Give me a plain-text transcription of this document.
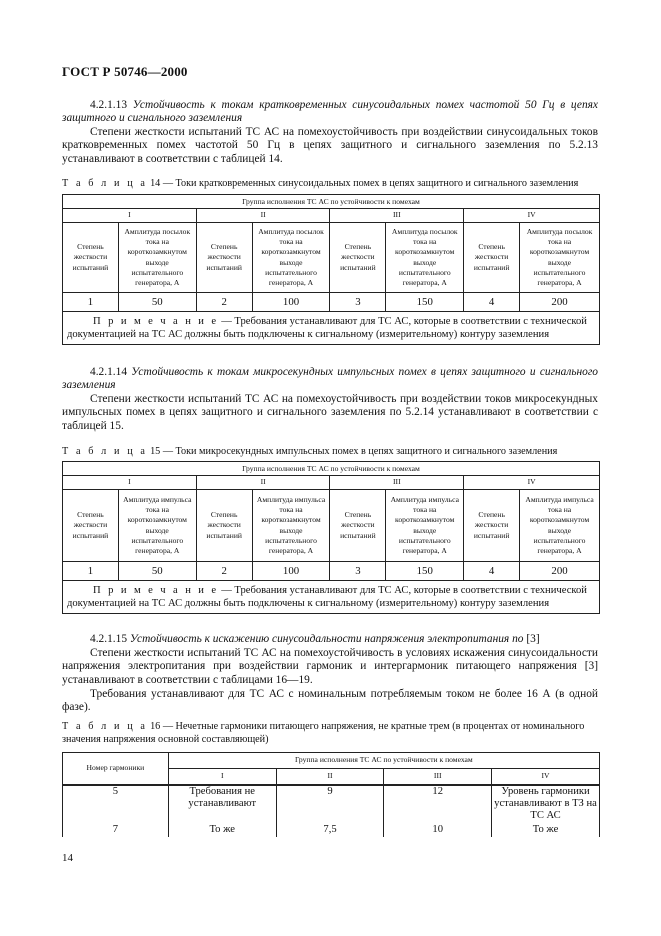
ГОСТ Р 50746—2000

4.2.1.13 Устойчивость к токам кратковременных синусоидальных помех частотой 50 Гц в цепях защитного и сигнального заземления

Степени жесткости испытаний ТС АС на помехоустойчивость при воздействии синусоидальных токов кратковременных помех частотой 50 Гц в цепях защитного и сигнального заземления по 5.2.13 устанавливают в соответствии с таблицей 14.

Т а б л и ц а 14 — Токи кратковременных синусоидальных помех в цепях защитного и сигнального заземления

Группа исполнения ТС АС по устойчивости к помехам							
I		II		III		IV	
Степень жесткости испытаний	Амплитуда посылок тока на короткозамкнутом выходе испытательного генератора, А	Степень жесткости испытаний	Амплитуда посылок тока на короткозамкнутом выходе испытательного генератора, А	Степень жесткости испытаний	Амплитуда посылок тока на короткозамкнутом выходе испытательного генератора, А	Степень жесткости испытаний	Амплитуда посылок тока на короткозамкнутом выходе испытательного генератора, А
1	50	2	100	3	150	4	200
П р и м е ч а н и е — Требования устанавливают для ТС АС, которые в соответствии с технической документацией на ТС АС должны быть подключены к сигнальному (измерительному) контуру заземления							

4.2.1.14 Устойчивость к токам микросекундных импульсных помех в цепях защитного и сигнального заземления

Степени жесткости испытаний ТС АС на помехоустойчивость при воздействии токов микросекундных импульсных помех в цепях защитного и сигнального заземления по 5.2.14 устанавливают в соответствии с таблицей 15.

Т а б л и ц а 15 — Токи микросекундных импульсных помех в цепях защитного и сигнального заземления

Группа исполнения ТС АС по устойчивости к помехам							
I		II		III		IV	
Степень жесткости испытаний	Амплитуда импульса тока на короткозамкнутом выходе испытательного генератора, А	Степень жесткости испытаний	Амплитуда импульса тока на короткозамкнутом выходе испытательного генератора, А	Степень жесткости испытаний	Амплитуда импульса тока на короткозамкнутом выходе испытательного генератора, А	Степень жесткости испытаний	Амплитуда импульса тока на короткозамкнутом выходе испытательного генератора, А
1	50	2	100	3	150	4	200
П р и м е ч а н и е — Требования устанавливают для ТС АС, которые в соответствии с технической документацией на ТС АС должны быть подключены к сигнальному (измерительному) контуру заземления							

4.2.1.15 Устойчивость к искажению синусоидальности напряжения электропитания по [3]

Степени жесткости испытаний ТС АС на помехоустойчивость в условиях искажения синусоидальности напряжения электропитания при воздействии гармоник и интергармоник питающего напряжения [3] устанавливают в соответствии с таблицами 16—19.

Требования устанавливают для ТС АС с номинальным потребляемым током не более 16 А (в одной фазе).

Т а б л и ц а 16 — Нечетные гармоники питающего напряжения, не кратные трем (в процентах от номинального значения напряжения основной составляющей)

Номер гармоники	Группа исполнения ТС АС по устойчивости к помехам			
	I	II	III	IV
5	Требования не устанавливают	9	12	Уровень гармоники устанавливают в ТЗ на ТС АС
7	То же	7,5	10	То же
14
